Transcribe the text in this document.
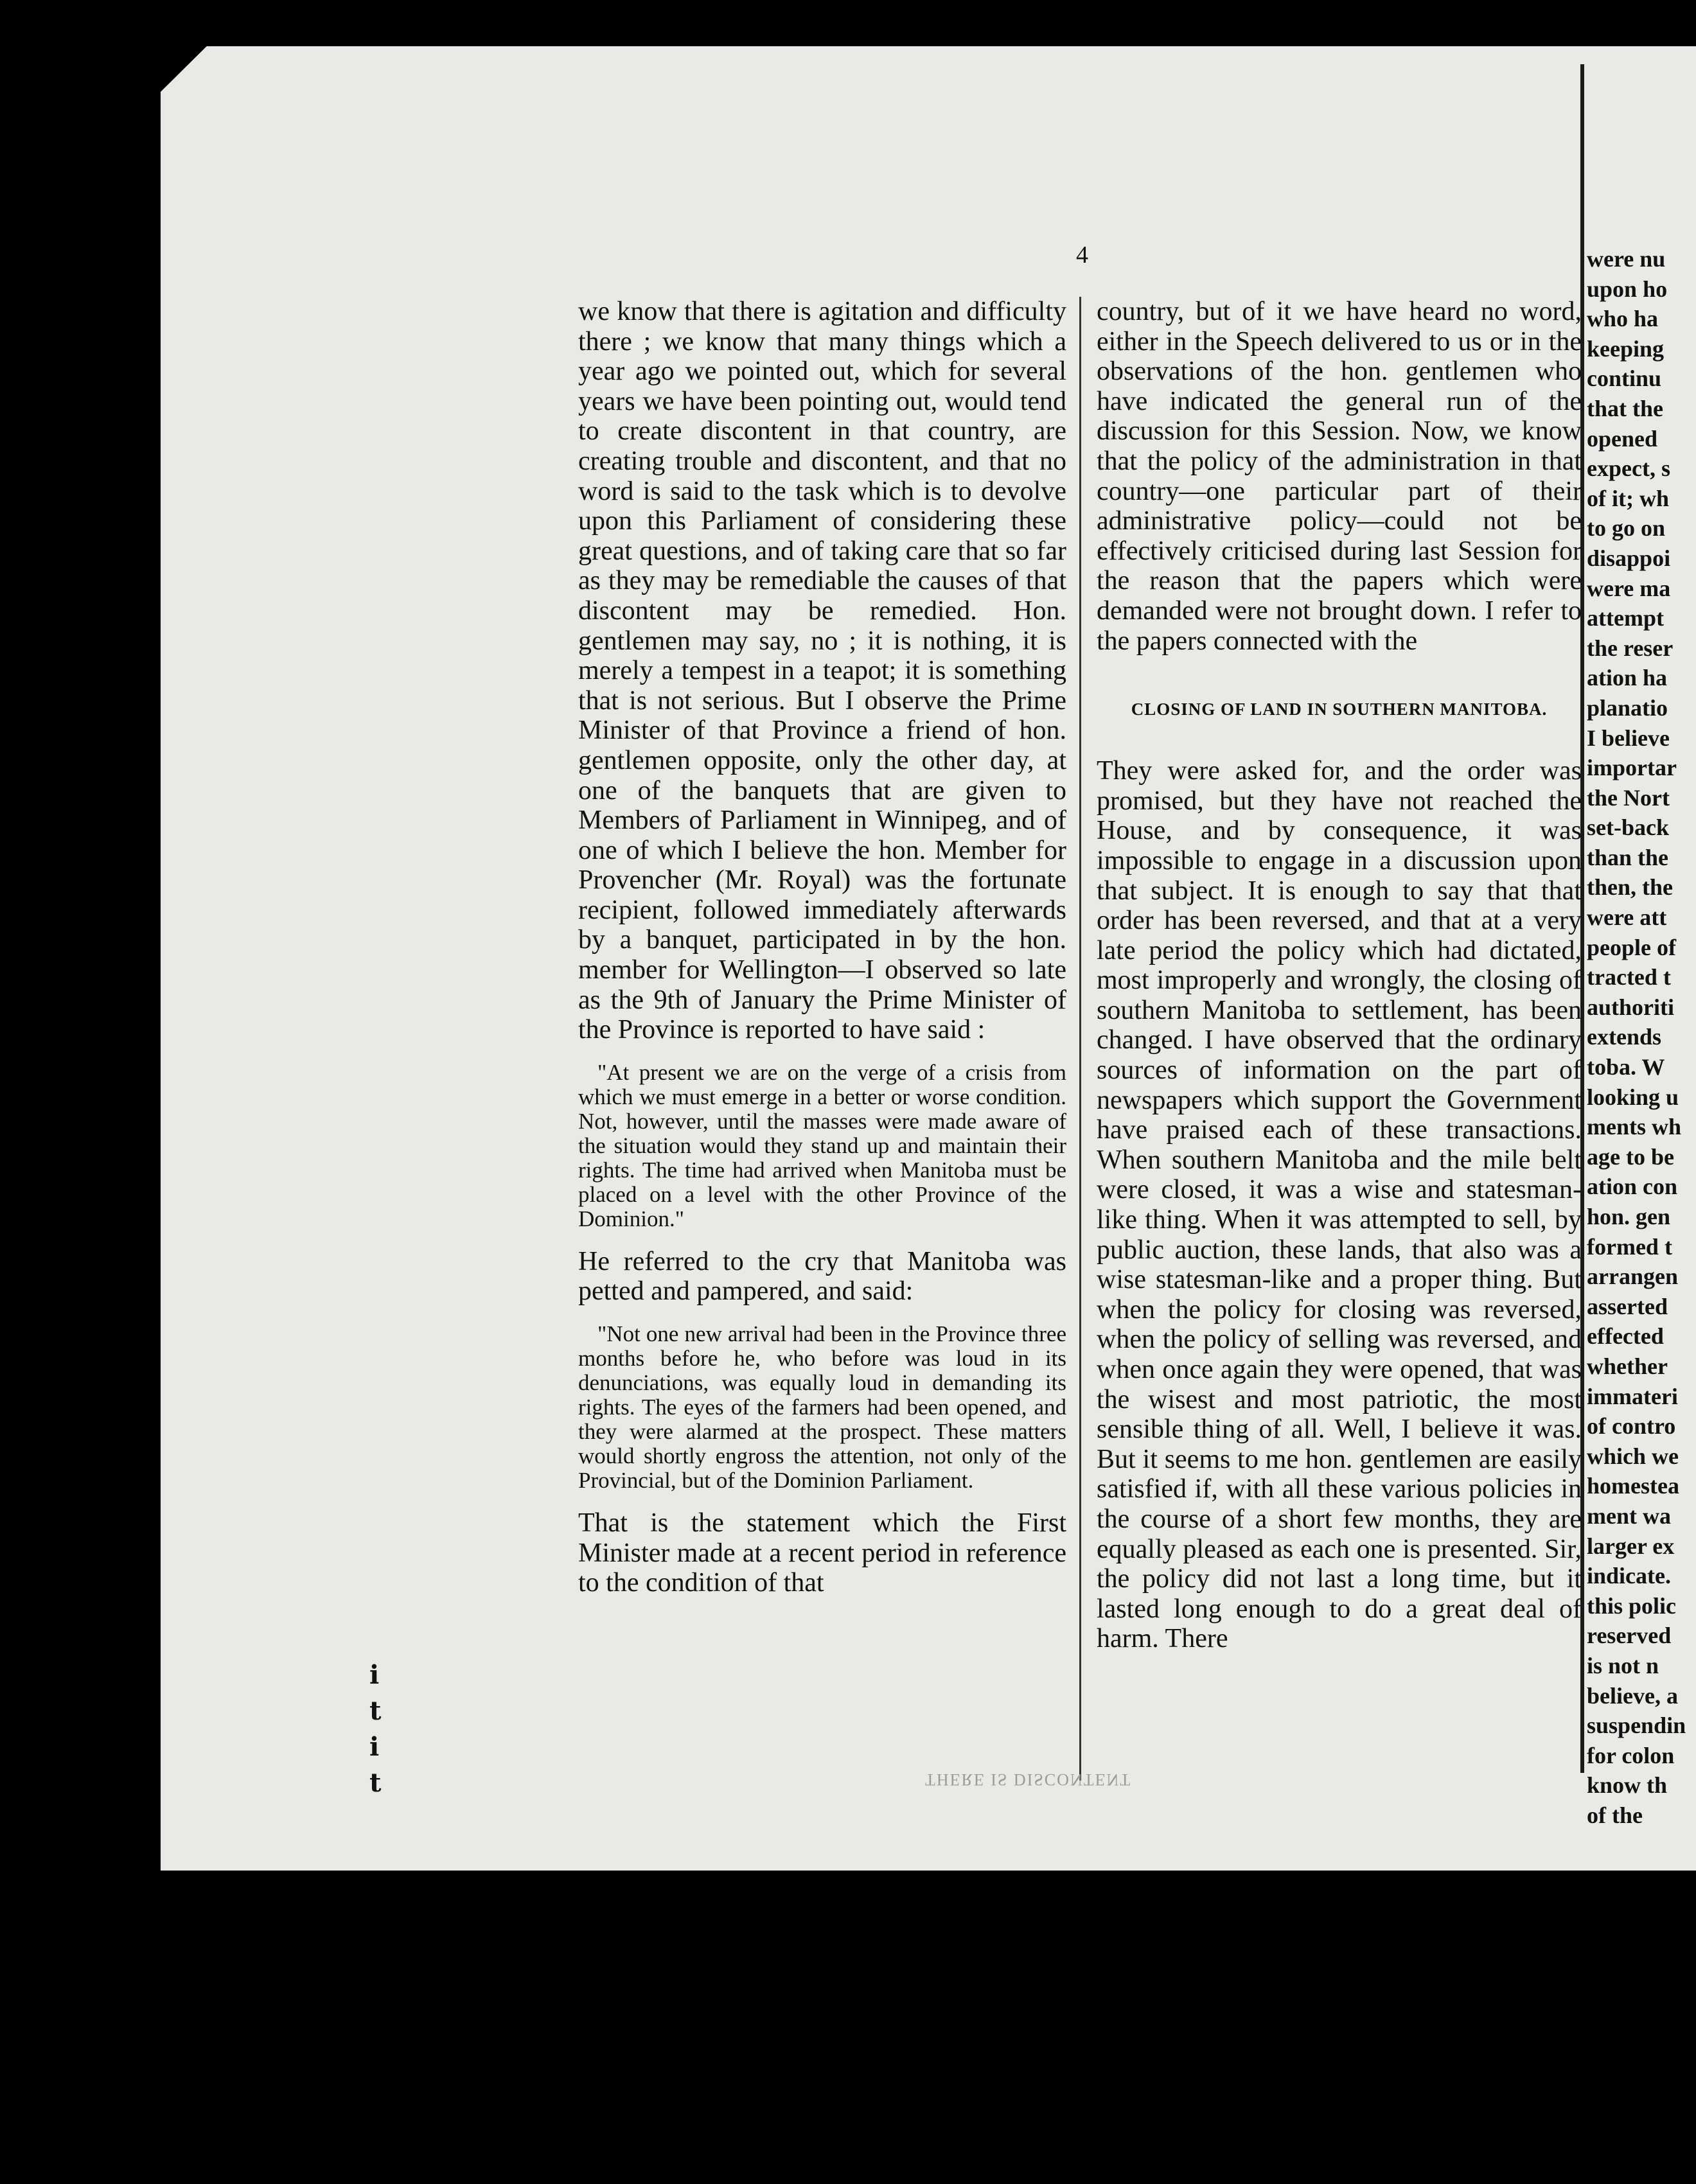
4

we know that there is agitation and difficulty there ; we know that many things which a year ago we pointed out, which for several years we have been pointing out, would tend to create discontent in that country, are creating trouble and discontent, and that no word is said to the task which is to devolve upon this Parliament of considering these great questions, and of taking care that so far as they may be remediable the causes of that discontent may be remedied. Hon. gentlemen may say, no ; it is nothing, it is merely a tempest in a teapot; it is something that is not serious. But I observe the Prime Minister of that Province a friend of hon. gentlemen opposite, only the other day, at one of the banquets that are given to Members of Parliament in Winnipeg, and of one of which I believe the hon. Member for Provencher (Mr. Royal) was the fortunate recipient, followed immediately afterwards by a banquet, participated in by the hon. member for Wellington—I observed so late as the 9th of January the Prime Minister of the Province is reported to have said :

"At present we are on the verge of a crisis from which we must emerge in a better or worse condition. Not, however, until the masses were made aware of the situation would they stand up and maintain their rights. The time had arrived when Manitoba must be placed on a level with the other Province of the Dominion."

He referred to the cry that Manitoba was petted and pampered, and said:

"Not one new arrival had been in the Province three months before he, who before was loud in its denunciations, was equally loud in demanding its rights. The eyes of the farmers had been opened, and they were alarmed at the prospect. These matters would shortly engross the attention, not only of the Provincial, but of the Dominion Parliament.

That is the statement which the First Minister made at a recent period in reference to the condition of that

country, but of it we have heard no word, either in the Speech delivered to us or in the observations of the hon. gentlemen who have indicated the general run of the discussion for this Session. Now, we know that the policy of the administration in that country—one particular part of their administrative policy—could not be effectively criticised during last Session for the reason that the papers which were demanded were not brought down. I refer to the papers connected with the

CLOSING OF LAND IN SOUTHERN MANITOBA.

They were asked for, and the order was promised, but they have not reached the House, and by consequence, it was impossible to engage in a discussion upon that subject. It is enough to say that that order has been reversed, and that at a very late period the policy which had dictated, most improperly and wrongly, the closing of southern Manitoba to settlement, has been changed. I have observed that the ordinary sources of information on the part of newspapers which support the Government have praised each of these transactions. When southern Manitoba and the mile belt were closed, it was a wise and statesman-like thing. When it was attempted to sell, by public auction, these lands, that also was a wise statesman-like and a proper thing. But when the policy for closing was reversed, when the policy of selling was reversed, and when once again they were opened, that was the wisest and most patriotic, the most sensible thing of all. Well, I believe it was. But it seems to me hon. gentlemen are easily satisfied if, with all these various policies in the course of a short few months, they are equally pleased as each one is presented. Sir, the policy did not last a long time, but it lasted long enough to do a great deal of harm. There

were nu
upon ho
who ha
keeping
continu
that the
opened
expect, s
of it; wh
to go on
disappoi
were ma
attempt
the reser
ation ha
planatio
I believe
importar
the Nort
set-back
than the
then, the
were att
people of
tracted t
authoriti
extends
toba. W
looking u
ments wh
age to be
ation con
hon. gen
formed t
arrangen
asserted
effected
whether
immateri
of contro
which we
homestea
ment wa
larger ex
indicate.
this polic
reserved
is not n
believe, a
suspendin
for colon
know th
of the
THERE IS DISCONTENT
i
t
i
t
